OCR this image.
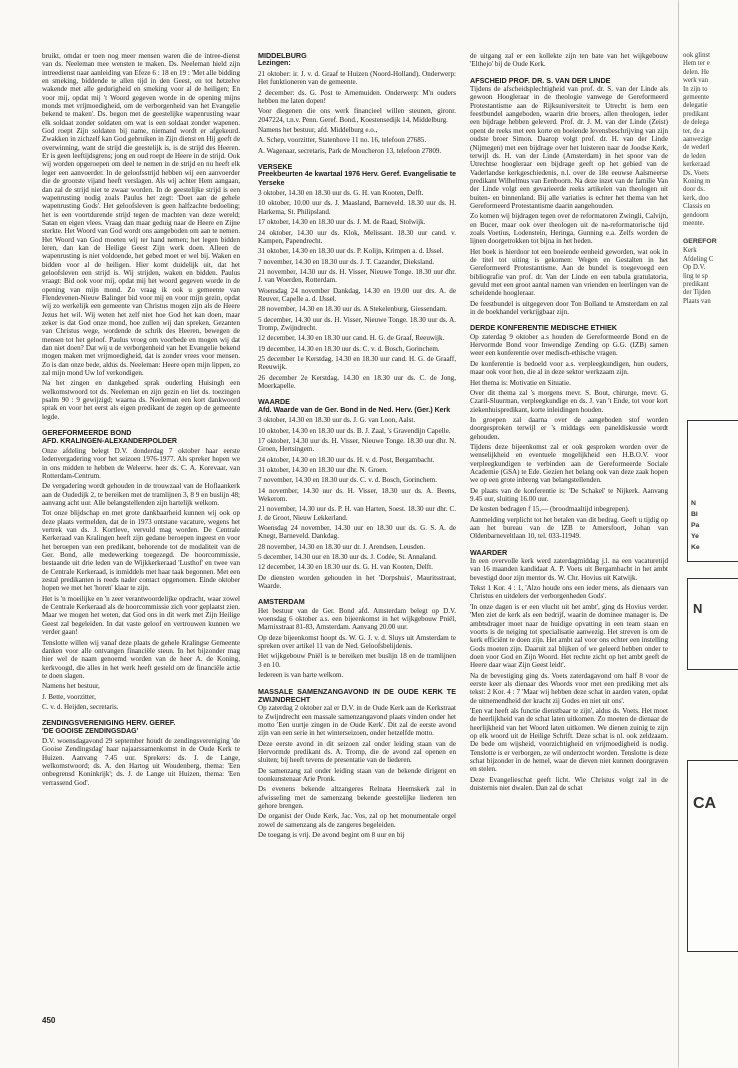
bruikt, omdat er toen nog meer mensen waren die de intree-dienst van ds. Neeleman mee wensten te maken. Ds. Neeleman hield zijn intreedienst naar aanleiding van Efeze 6 : 18 en 19 : 'Met alle bidding en smeking, biddende te allen tijd in den Geest, en tot hetzelve wakende met alle gedurigheid en smeking voor al de heiligen; En voor mij, opdat mij 't Woord gegeven worde in de opening mijns monds met vrijmoedigheid, om de verborgenheid van het Evangelie bekend te maken'. Ds. begon met de geestelijke wapenrusting waar elk soldaat zonder soldaten om wat is een soldaat zonder wapenen. God roept Zijn soldaten bij name, niemand wordt er afgekeurd. Zwakken in zichzelf kan God gebruiken in Zijn dienst en Hij geeft de overwinning, want de strijd die geestelijk is, is de strijd des Heeren. Er is geen leeftijdsgrens; jong en oud roept de Heere in de strijd. Ook wij worden opgeroepen om deel te nemen in de strijd en nu heeft elk leger een aanvoerder. In de geloofsstrijd hebben wij een aanvoerder die de grootste vijand heeft verslagen. Als wij achter Hem aangaan, dan zal de strijd niet te zwaar worden. In de geestelijke strijd is een wapenrusting nodig zoals Paulus het zegt: 'Doet aan de gehele wapenrusting Gods'. Het geloofsleven is geen halfzachte bedoeling; het is een voortdurende strijd tegen de machten van deze wereld; Satan en eigen vlees. Vraag dan maar geduig naar de Heere en Zijne sterkte. Het Woord van God wordt ons aangeboden om aan te nemen. Het Woord van God moeten wij ter hand nemen; het legen bidden leren, dan kan de Heilige Geest Zijn werk doen. Alleen de wapenrusting is niet voldoende, het gebed moet er wel bij. Waken en bidden voor al de heiligen. Hier komt duidelijk uit, dat het geloofsleven een strijd is. Wij strijden, waken en bidden. Paulus vraagt: Bid ook voor mij, opdat mij het woord gegeven worde in de opening van mijn mond. Zo vraag ik ook u gemeente van Flendevenen-Nieuw Balinger bid voor mij en voor mijn gezin, opdat wij zo werkelijk een gemeente van Christus mogen zijn als de Heere Jezus het wil. Wij weten het zelf niet hoe God het kan doen, maar zeker is dat God onze mond, hoe zullen wij dan spreken. Gezanten van Christus wege, wordende de schrik des Heeren, bewegen de mensen tot het geloof. Paulus vroeg om voorbede en mogen wij dat dan niet doen? Dat wij u de verborgenheid van het Evangelie bekend mogen maken met vrijmoedigheid, dat is zonder vrees voor mensen. Zo is dan onze bede, aldus ds. Neeleman: Heere open mijn lippen, zo zal mijn mond Uw lof verkondigen.

Na het zingen en dankgebed sprak ouderling Huisingh een welkomstwoord tot ds. Neeleman en zijn gezin en liet ds. toezingen psalm 90 : 9 gewijzigd; waarna ds. Neeleman een kort dankwoord sprak en voor het eerst als eigen predikant de zegen op de gemeente legde.

GEREFORMEERDE BOND
AFD. KRALINGEN-ALEXANDERPOLDER

Onze afdeling belegt D.V. donderdag 7 oktober haar eerste ledenvergadering voor het seizoen 1976-1977. Als spreker hopen we in ons midden te hebben de Weleerw. heer ds. C. A. Korevaar, van Rotterdam-Centrum.

De vergadering wordt gehouden in de trouwzaal van de Hoflaankerk aan de Oudedijk 2, te bereiken met de tramlijnen 3, 8 9 en buslijn 48; aanvang acht uur. Alle belangstellenden zijn hartelijk welkom.

Tot onze blijdschap en met grote dankbaarheid kunnen wij ook op deze plaats vermelden, dat de in 1973 ontstane vacature, wegens het vertrek van ds. J. Kortleve, vervuld mag worden. De Centrale Kerkeraad van Kralingen heeft zijn gedane beroepen ingeest en voor het beroepen van een predikant, behorende tot de modaliteit van de Ger. Bond, alle medewerking toegezegd. De hoorcommissie, bestaande uit drie leden van de Wijkkerkeraad 'Lusthof' en twee van de Centrale Kerkeraad, is inmiddels met haar taak begonnen. Met een zestal predikanten is reeds nader contact opgenomen. Einde oktober hopen we met het 'horen' klaar te zijn.

Het is 'n moeilijke en 'n zeer verantwoordelijke opdracht, waar zowel de Centrale Kerkeraad als de hoorcommissie zich voor geplaatst zien. Maar we mogen het weten, dat God ons in dit werk met Zijn Heilige Geest zal begeleiden. In dat vaste geloof en vertrouwen kunnen we verder gaan!

Tenslotte willen wij vanaf deze plaats de gehele Kralingse Gemeente danken voor alle ontvangen financiële steun. In het bijzonder mag hier wel de naam genoemd worden van de heer A. de Koning, kerkvoogd, die alles in het werk heeft gesteld om de financiële actie te doen slagen.

Namens het bestuur,

J. Bette, voorzitter,

C. v. d. Heijden, secretaris.

ZENDINGSVERENIGING HERV. GEREF.
'DE GOOISE ZENDINGSDAG'

D.V. woensdagavond 29 september houdt de zendingsvereniging 'de Gooise Zendingsdag' haar najaarssamenkomst in de Oude Kerk te Huizen. Aanvang 7.45 uur. Sprekers: ds. J. de Lange, welkomstwoord; ds. A. den Hartog uit Woudenberg, thema: 'Een onbegrensd Koninkrijk'; ds. J. de Lange uit Huizen, thema: 'Een verrassend God'.

MIDDELBURG
Lezingen:

21 oktober: ir. J. v. d. Graaf te Huizen (Noord-Holland). Onderwerp: Het funktioneren van de gemeente.

2 december: ds. G. Post te Arnemuiden. Onderwerp: M'n ouders hebben me laten dopen!

Voor diegenen die ons werk financieel willen steunen, gironr. 2047224, t.n.v. Penn. Geref. Bond., Koestensedijk 14, Middelburg.

Namens het bestuur, afd. Middelburg e.o.,

A. Schep, voorzitter, Statenhove 11 no. 16, telefoon 27685.

A. Wagenaar, secretaris, Park de Moucheron 13, telefoon 27809.

VERSEKE
Preekbeurten 4e kwartaal 1976 Herv. Geref. Evangelisatie te Yerseke

3 oktober, 14.30 en 18.30 uur ds. G. H. van Kooten, Delft.

10 oktober, 10.00 uur ds. J. Maasland, Barneveld. 18.30 uur ds. H. Harkema, St. Philipsland.

17 oktober, 14.30 en 18.30 uur ds. J. M. de Raad, Stolwijk.

24 oktober, 14.30 uur ds. Klok, Melissant. 18.30 uur cand. v. Kampen, Papendrecht.

31 oktober, 14.30 en 18.30 uur ds. P. Kolijn, Krimpen a. d. IJssel.

7 november, 14.30 en 18.30 uur ds. J. T. Cazander, Dieksland.

21 november, 14.30 uur ds. H. Visser, Nieuwe Tonge. 18.30 uur dhr. J. van Woerden, Rotterdam.

Woensdag 24 november Dankdag, 14.30 en 19.00 uur drs. A. de Reuver, Capelle a. d. IJssel.

28 november, 14.30 en 18.30 uur ds. A Stekelenburg, Giessendam.

5 december, 14.30 uur ds. H. Visser, Nieuwe Tonge. 18.30 uur ds. A. Tromp, Zwijndrecht.

12 december, 14.30 en 18.30 uur cand. H. G. de Graaf, Reeuwijk.

19 december, 14.30 en 18.30 uur ds. C. v. d. Bosch, Gorinchem.

25 december 1e Kerstdag, 14.30 en 18.30 uur cand. H. G. de Graaff, Reeuwijk.

26 december 2e Kerstdag, 14.30 en 18.30 uur ds. C. de Jong, Moerkapelle.

WAARDE
Afd. Waarde van de Ger. Bond in de Ned. Herv. (Ger.) Kerk

3 oktober, 14.30 en 18.30 uur ds. J. G. van Loon, Aalst.

10 oktober, 14.30 en 18.30 uur ds. B. J. Zaal, 's Gravendijn Capelle.

17 oktober, 14.30 uur ds. H. Visser, Nieuwe Tonge. 18.30 uur dhr. N. Groen, Hertsingem.

24 oktober, 14.30 en 18.30 uur ds. H. v. d. Post, Bergambacht.

31 oktober, 14.30 en 18.30 uur dhr. N. Groen.

7 november, 14.30 en 18.30 uur ds. C. v. d. Bosch, Gorinchem.

14 november, 14.30 uur ds. H. Visser, 18.30 uur ds. A. Beens, Wekerom.

21 november, 14.30 uur ds. P. H. van Harten, Soest. 18.30 uur dhr. C. J. de Groot, Nieuw Lekkerland.

Woensdag 24 november, 14.30 uur en 18.30 uur ds. G. S. A. de Knegt, Barneveld. Dankdag.

28 november, 14.30 en 18.30 uur dr. J. Arendsen, Leusden.

5 december, 14.30 uur en 18.30 uur ds. J. Codée, St. Annaland.

12 december, 14.30 en 18.30 uur ds. G. H. van Kooten, Delft.

De diensten worden gehouden in het 'Dorpshuis', Mauritsstraat, Waarde.

AMSTERDAM

Het bestuur van de Ger. Bond afd. Amsterdam belegt op D.V. woensdag 6 oktober a.s. een bijeenkomst in het wijkgebouw Pniël, Marnixstraat 81-83, Amsterdam. Aanvang 20.00 uur.

Op deze bijeenkomst hoopt ds. W. G. J. v. d. Sluys uit Amsterdam te spreken over artikel 11 van de Ned. Geloofsbelijdenis.

Het wijkgebouw Pniël is te bereiken met buslijn 18 en de tramlijnen 3 en 10.

Iedereen is van harte welkom.

MASSALE SAMENZANGAVOND IN DE OUDE KERK TE ZWIJNDRECHT

Op zaterdag 2 oktober zal er D.V. in de Oude Kerk aan de Kerkstraat te Zwijndrecht een massale samenzangavond plaats vinden onder het motto 'Een uurtje zingen in de Oude Kerk'. Dit zal de eerste avond zijn van een serie in het winterseizoen, onder hetzelfde motto.

Deze eerste avond in dit seizoen zal onder leiding staan van de Hervormde predikant ds. A. Tromp, die de avond zal openen en sluiten; bij heeft tevens de presentatie van de liederen.

De samenzang zal onder leiding staan van de bekende dirigent en toonkunstenaar Arie Pronk.

Ds evenens bekende altzangeres Relnata Heemskerk zal in afwisseling met de samenzang bekende geestelijke liederen ten gehore brengen.

De organist der Oude Kerk, Jac. Vos, zal op het monumentale orgel zowel de samenzang als de zangeres begeleiden.

De toegang is vrij. De avond begint om 8 uur en bij

de uitgang zal er een kollekte zijn ten bate van het wijkgebouw 'Elthejo' bij de Oude Kerk.

AFSCHEID PROF. DR. S. VAN DER LINDE

Tijdens de afscheidsplechtigheid van prof. dr. S. van der Linde als gewoon Hoogleraar in de theologie vanwege de Gereformeerd Protestantisme aan de Rijksuniversiteit te Utrecht is hem een feestbundel aangeboden, waarin drie broers, allen theologen, ieder een bijdrage hebben geleverd. Prof. dr. J. M. van der Linde (Zeist) opent de reeks met een korte en boeiende levensbeschrijving van zijn oudste broer Simon. Daarop volgt prof. dr. H. van der Linde (Nijmegen) met een bijdrage over het luisteren naar de Joodse Kerk, terwijl ds. H. van der Linde (Amsterdam) in het spoor van de Utrechtse hoogleraar een bijdrage geeft op het gebied van de Vaderlandse kerkgeschiedenis, n.l. over de 18e eeuwse Aalsmeerse predikant Wilhelmus van Eenboorn. Na deze inzet van de familie Van der Linde volgt een gevarieerde reeks artikelen van theologen uit buiten- en binnenland. Bij alle variaties is echter het thema van het Gereformeerd Protestantisme daarin aangehouden.

Zo komen wij bijdragen tegen over de reformatoren Zwingli, Calvijn, en Bucer, maar ook over theologen uit de na-reformatorische tijd zoals Voetius, Lodenstein, Heringa, Gunning e.a. Zelfs worden de lijnen doorgetrokken tot bijna in het heden.

Het boek is hierdoor tot een boeiende eenheid geworden, wat ook in de titel tot uiting is gekomen: Wegen en Gestalten in het Gereformeerd Protestantisme. Aan de bundel is toegevoegd een bibliografie van prof. dr. Van der Linde en een tabula gratulatoria, gevuld met een groot aantal namen van vrienden en leerlingen van de scheidende hoogleraar.

De feestbundel is uitgegeven door Ton Bolland te Amsterdam en zal in de boekhandel verkrijgbaar zijn.

DERDE KONFERENTIE MEDISCHE ETHIEK

Op zaterdag 9 oktober a.s houden de Gereformeerde Bond en de Hervormde Bond voor Inwendige Zending op G.G. (IZB) samen weer een konferentie over medisch-ethische vragen.

De konferentie is bedoeld voor a.s. verpleegkundigen, hun ouders, maar ook voor hen, die al in deze sektor werkzaam zijn.

Het thema is: Motivatie en Situatie.

Over dit thema zal 's morgens mevr. S. Bout, chirurge, mevr. G. Czaril-Sluurman, verpleegkundige en ds. J. van 't Ende, tot voor kort ziekenhuispredikant, korte inleidingen houden.

In groepen zal daarna over de aangeboden stof worden doorgesproken terwijl er 's middags een paneldiskussie wordt gehouden.

Tijdens deze bijeenkomst zal er ook gesproken worden over de wenselijkheid en eventuele mogelijkheid een H.B.O.V. voor verpleegkundigen te verbinden aan de Gereformeerde Sociale Academie (GSA) te Ede. Gezien het belang ook van deze zaak hopen we op een grote inbreng van belangstellenden.

De plaats van de konferentie is: 'De Schakel' te Nijkerk. Aanvang 9.45 uur, sluiting 16.00 uur.

De kosten bedragen f 15,— (broodmaaltijd inbegrepen).

Aanmelding verplicht tot het betalen van dit bedrag. Geeft u tijdig op aan het bureau van de IZB te Amersfoort, Johan van Oldenbarneveltlaan 10, tel. 033-11949.

WAARDER

In een overvolle kerk werd zaterdagmiddag j.l. na een vacaturetijd van 16 maanden kandidaat A. P. Voets uit Bergambacht in het ambt bevestigd door zijn mentor ds. W. Chr. Hovius uit Katwijk.

Tekst 1 Kor. 4 : 1, 'Alzo houde ons een ieder mens, als dienaars van Christus en uitdelers der verborgenheden Gods'.

'In onze dagen is er een vlucht uit het ambt', ging ds Hovius verder. 'Men ziet de kerk als een bedrijf, waarin de dominee manager is. De ambtsdrager moet naar de huidige opvatting in een team staan en voorts is de neiging tot specialisatie aanwezig. Het streven is om de kerk efficiënt te doen zijn. Het ambt zal voor ons echter een instelling Gods moeten zijn. Daaruit zal blijken of we geleerd hebben onder te doen voor God en Zijn Woord. Het rechte zicht op het ambt geeft de Heere daar waar Zijn Geest leidt'.

Na de bevestiging ging ds. Voets zaterdagavond om half 8 voor de eerste keer als dienaar des Woords voor met een prediking met als tekst: 2 Kor. 4 : 7 'Maar wij hebben deze schat in aarden vaten, opdat de uitnemendheid der kracht zij Godes en niet uit ons'.

'Een vat heeft als functie dienstbaar te zijn', aldus ds. Voets. Het moet de heerlijkheid van de schat laten uitkomen. Zo moeten de dienaar de heerlijkheid van het Woord laten uitkomen. We dienen zuinig te zijn op elk woord uit de Heilige Schrift. Deze schat is nl. ook zeldzaam. De bede om wijsheid, voorzichtigheid en vrijmoedigheid is nodig. Tenslotte is er verborgen, ze wil onderzocht worden. Tenslotte is deze schat bijzonder in de hemel, waar de dieven niet kunnen doorgraven en stelen.

Deze Evangelieschat geeft licht. Wie Christus volgt zal in de duisternis niet dwalen. Dan zal de schat

450
ook glinst
Hem ter e
delen. He
werk van
In zijn to
gemeente
delegatie
predikant
de delega
ter, de a
aanwezige
de wederl
de leden
kerkeraad
Ds. Voets
Koning m
door ds.
kerk, doo
Classis en
gendoorn
meente.
GEREFOR
Kerk
Afdeling C
Op D.V.
ling te sp
predikant
der Tijden
Plaats van
N
Bl
Pa
Ye
Ke
N
CA
